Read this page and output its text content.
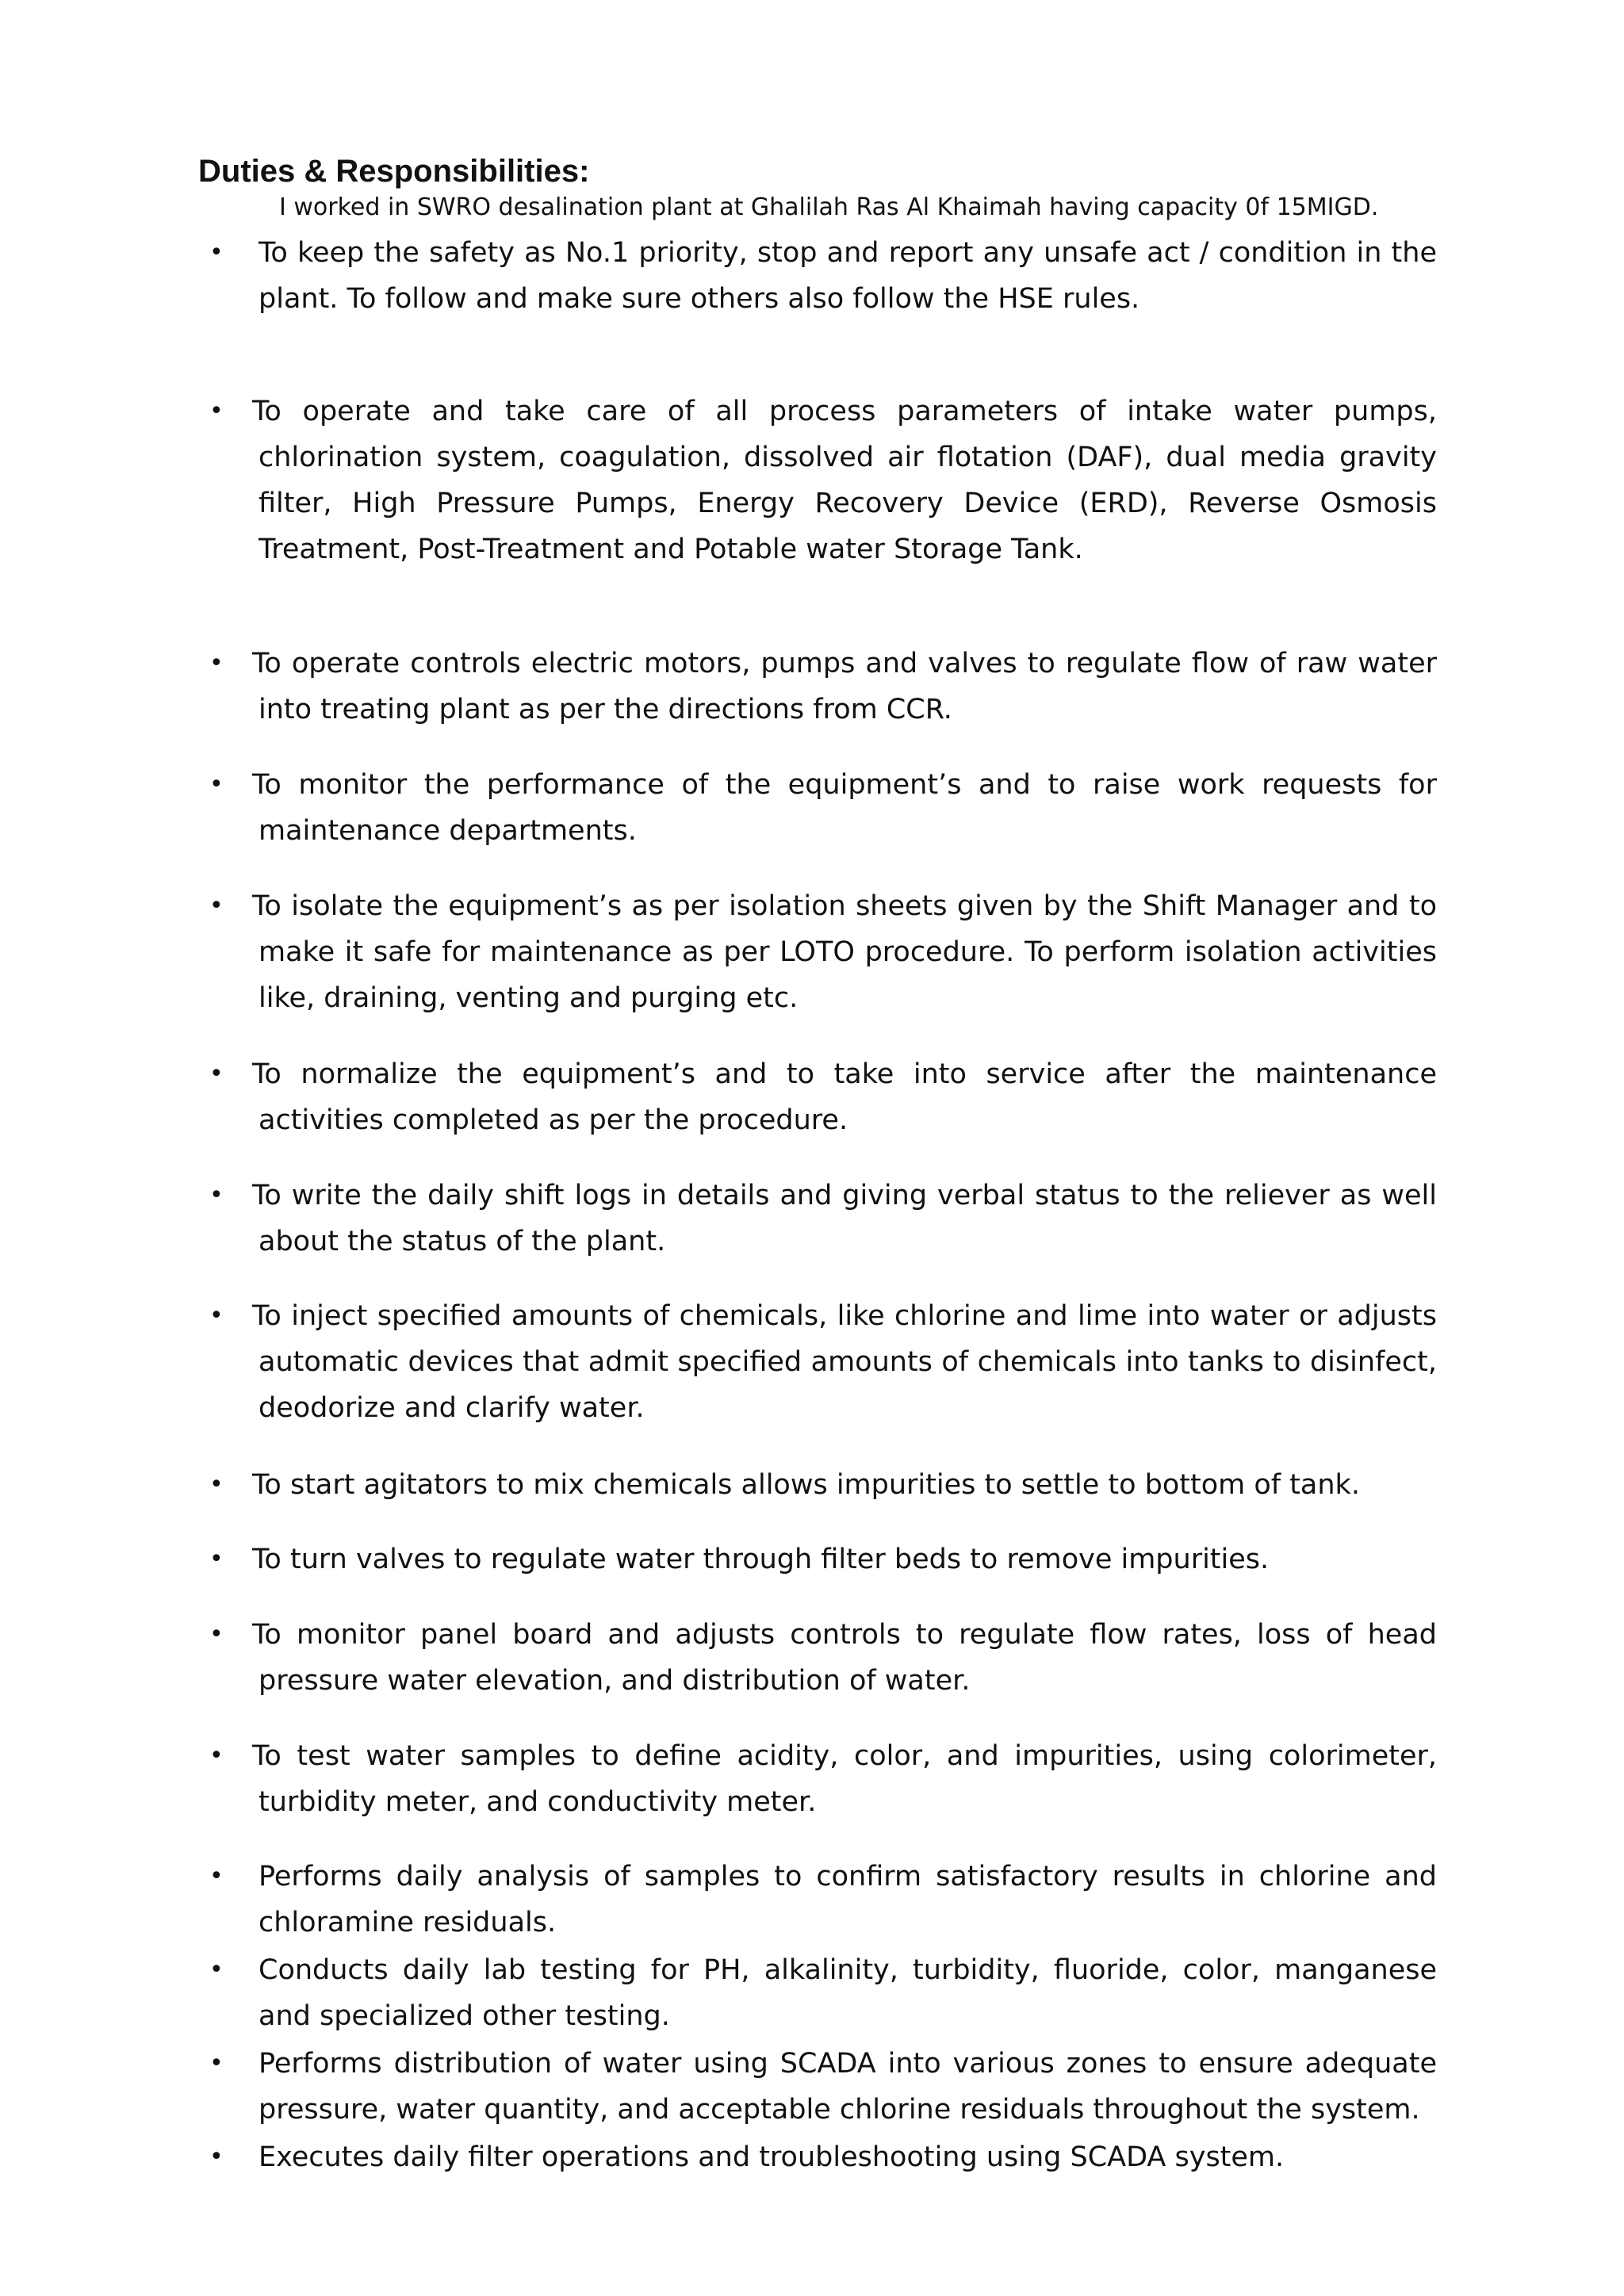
Duties & Responsibilities:

I worked in SWRO desalination plant at Ghalilah Ras Al Khaimah having capacity 0f 15MIGD.

•	To keep the safety as No.1 priority, stop and report any unsafe act / condition in the plant. To follow and make sure others also follow the HSE rules.
•	To operate and take care of all process parameters of intake water pumps, chlorination system, coagulation, dissolved air flotation (DAF), dual media gravity filter, High Pressure Pumps, Energy Recovery Device (ERD), Reverse Osmosis Treatment, Post-Treatment and Potable water Storage Tank.
•	To operate controls electric motors, pumps and valves to regulate flow of raw water into treating plant as per the directions from CCR.
•	To monitor the performance of the equipment’s and to raise work requests for maintenance departments.
•	To isolate the equipment’s as per isolation sheets given by the Shift Manager and to make it safe for maintenance as per LOTO procedure. To perform isolation activities like, draining, venting and purging etc.
•	To normalize the equipment’s and to take into service after the maintenance activities completed as per the procedure.
•	To write the daily shift logs in details and giving verbal status to the reliever as well about the status of the plant.
•	To inject specified amounts of chemicals, like chlorine and lime into water or adjusts automatic devices that admit specified amounts of chemicals into tanks to disinfect, deodorize and clarify water.
•	To start agitators to mix chemicals allows impurities to settle to bottom of tank.
•	To turn valves to regulate water through filter beds to remove impurities.
•	To monitor panel board and adjusts controls to regulate flow rates, loss of head pressure water elevation, and distribution of water.
•	To test water samples to define acidity, color, and impurities, using colorimeter, turbidity meter, and conductivity meter.
•	Performs daily analysis of samples to confirm satisfactory results in chlorine and chloramine residuals.
•	Conducts daily lab testing for PH, alkalinity, turbidity, fluoride, color, manganese and specialized other testing.
•	Performs distribution of water using SCADA into various zones to ensure adequate pressure, water quantity, and acceptable chlorine residuals throughout the system.
•	Executes daily filter operations and troubleshooting using SCADA system.
